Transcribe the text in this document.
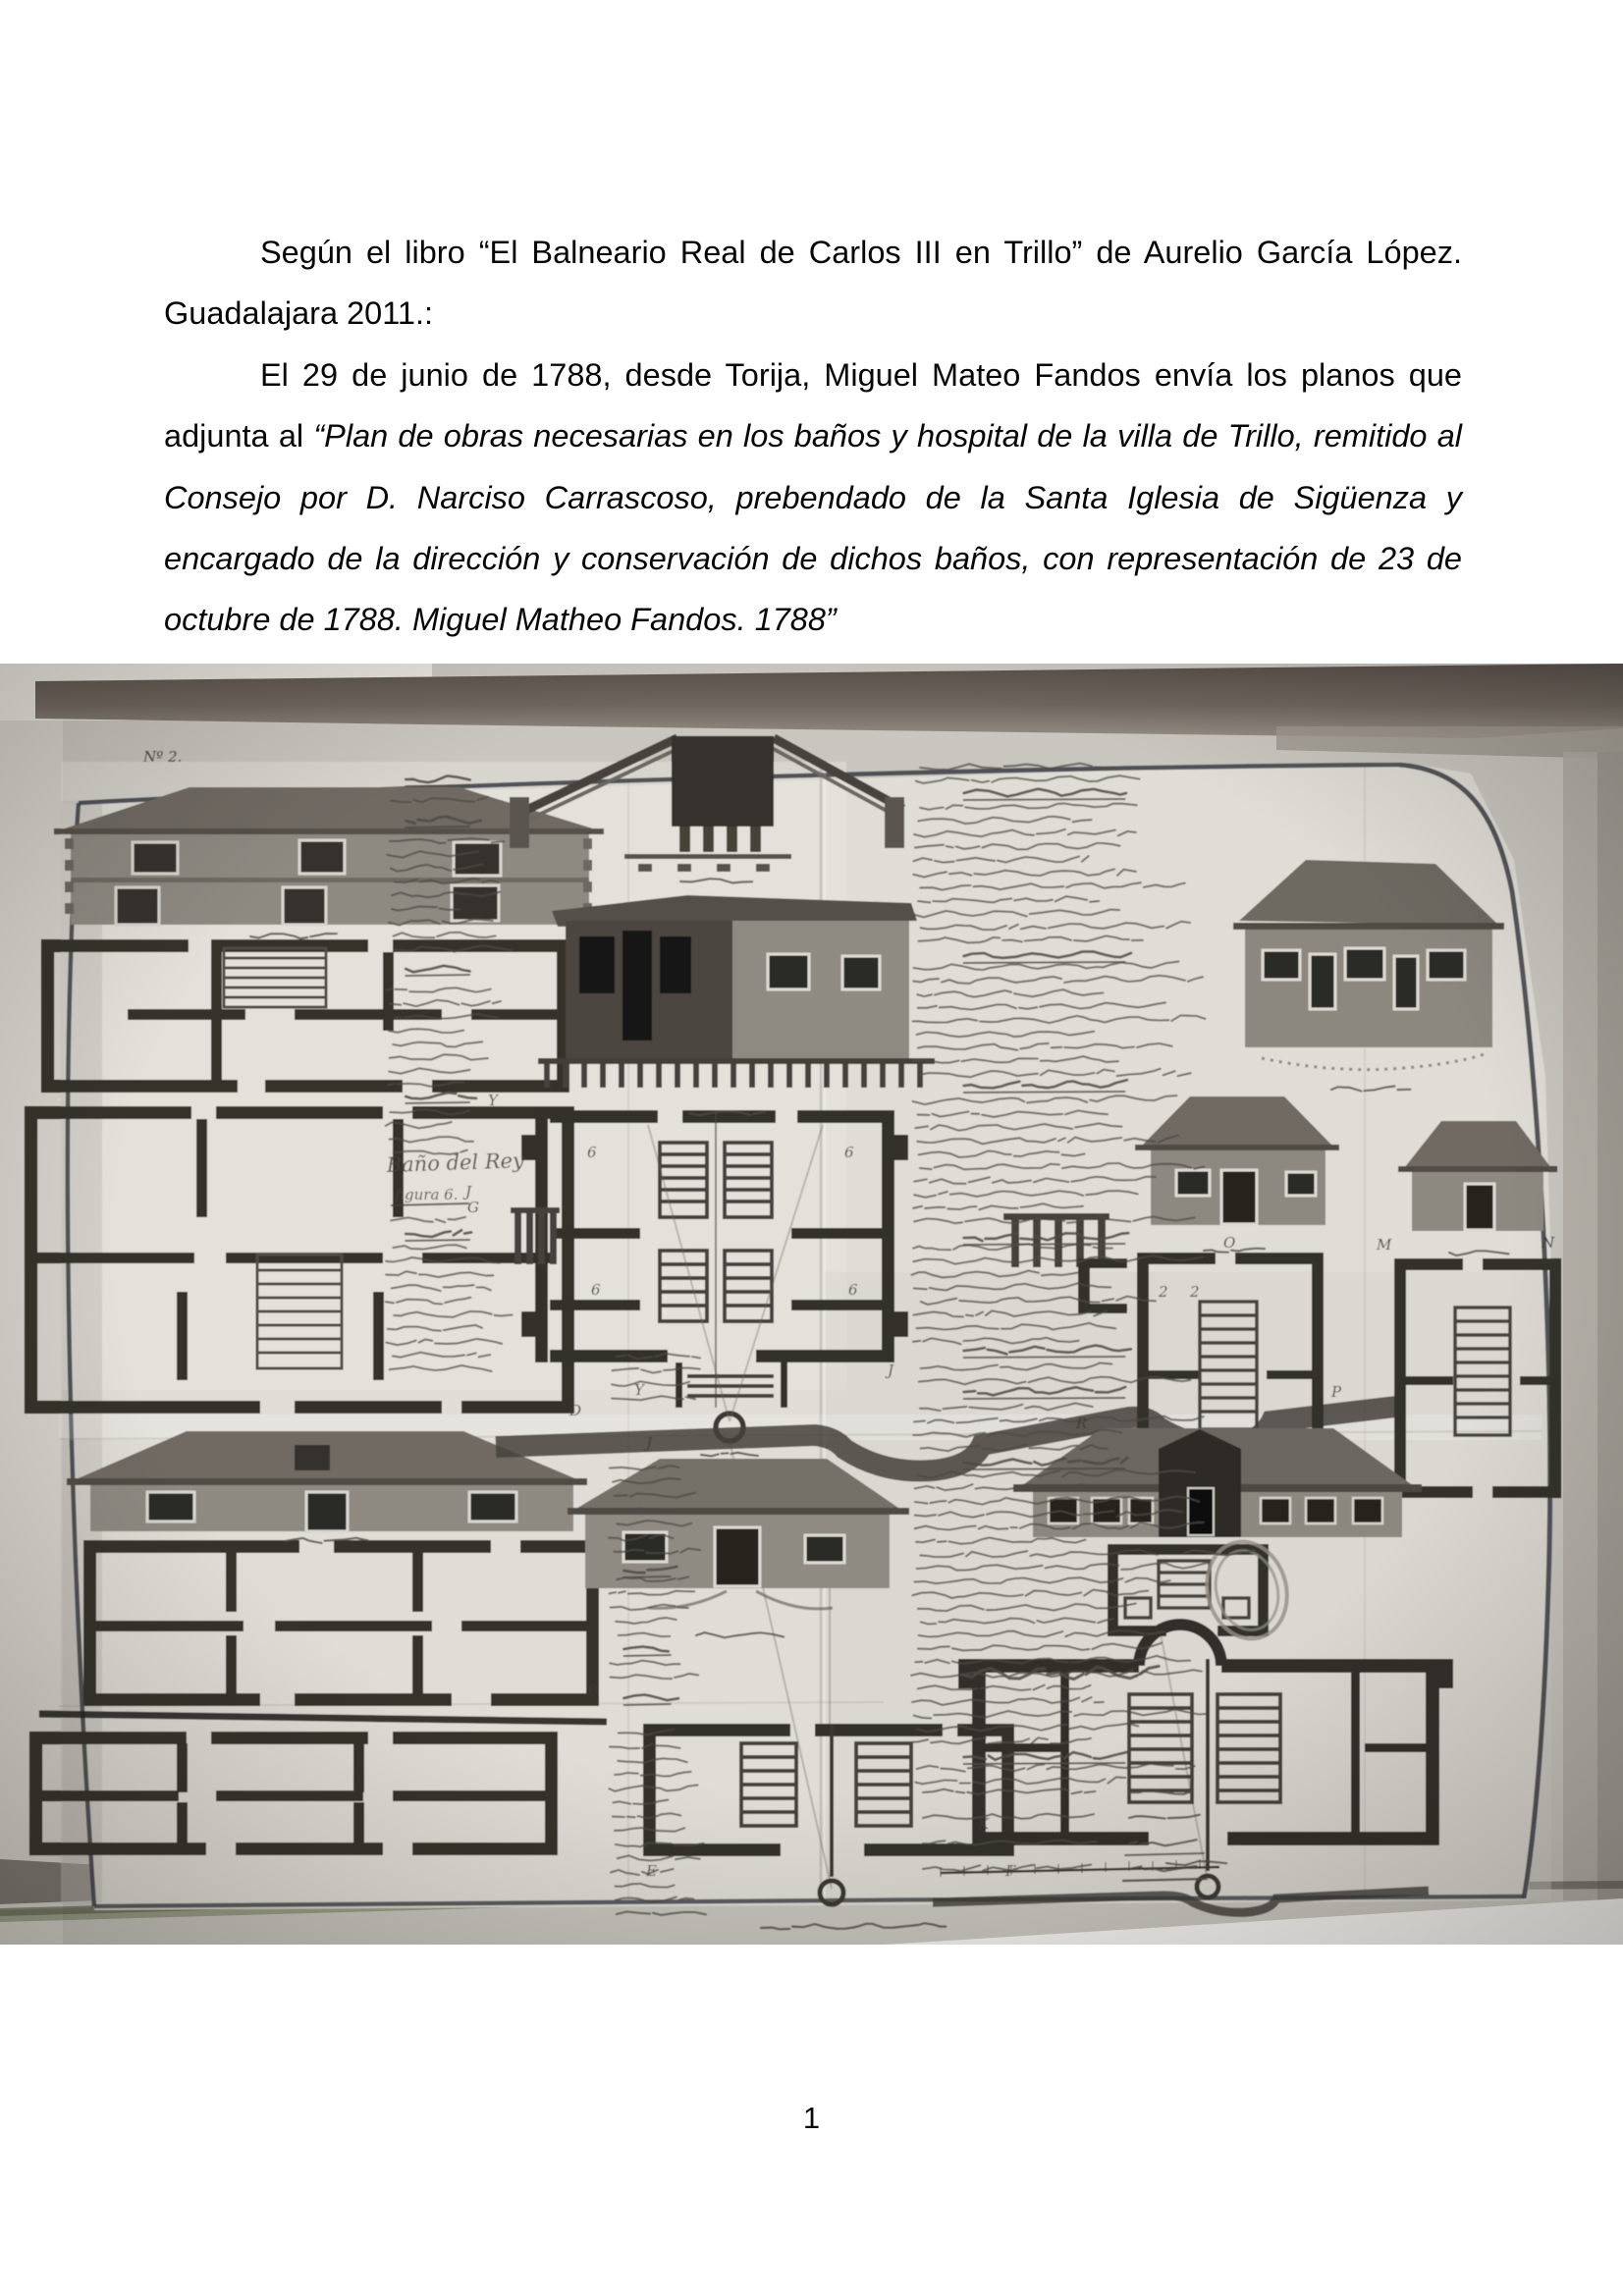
Según el libro “El Balneario Real de Carlos III en Trillo” de Aurelio García López. Guadalajara 2011.:

El 29 de junio de 1788, desde Torija, Miguel Mateo Fandos envía los planos que adjunta al “Plan de obras necesarias en los baños y hospital de la villa de Trillo, remitido al Consejo por D. Narciso Carrascoso, prebendado de la Santa Iglesia de Sigüenza y encargado de la dirección y conservación de dichos baños, con representación de 23 de octubre de 1788. Miguel Matheo Fandos. 1788”

1
